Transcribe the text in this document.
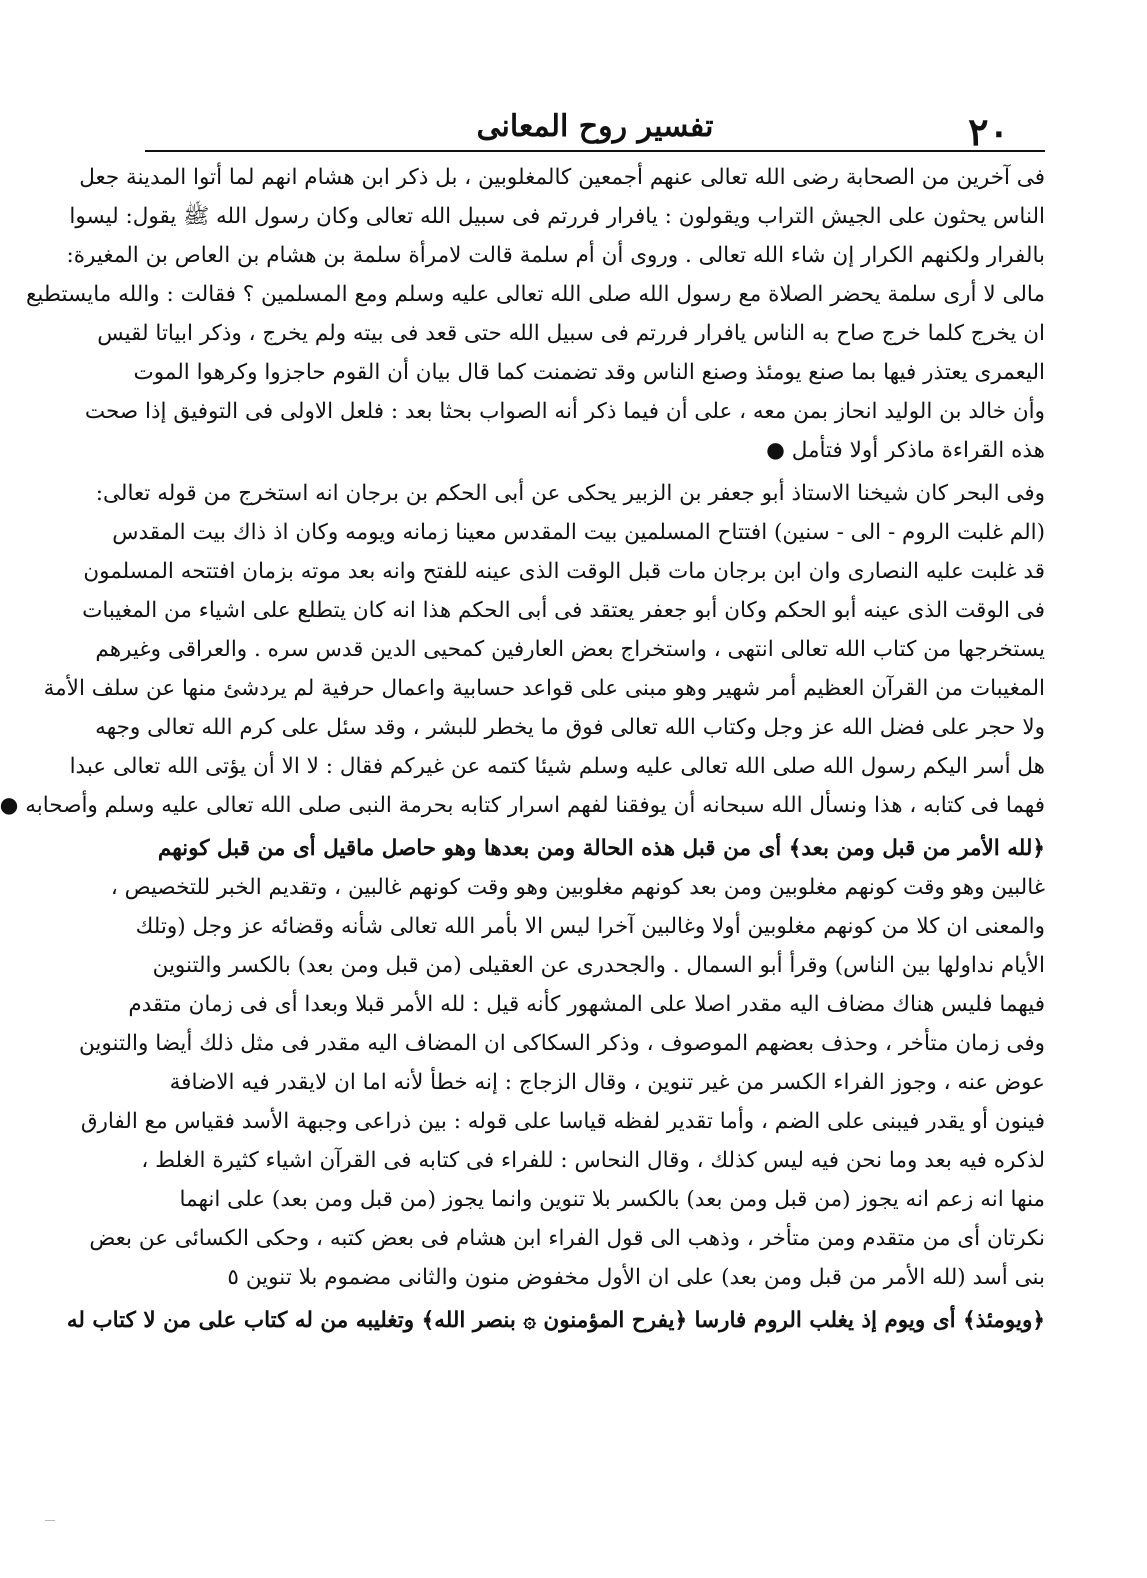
٢٠
تفسير روح المعانى
فى آخرين من الصحابة رضى الله تعالى عنهم أجمعين كالمغلوبين ، بل ذكر ابن هشام انهم لما أتوا المدينة جعل
الناس يحثون على الجيش التراب ويقولون : يافرار فررتم فى سبيل الله تعالى وكان رسول الله ﷺ يقول: ليسوا
بالفرار ولكنهم الكرار إن شاء الله تعالى . وروى أن أم سلمة قالت لامرأة سلمة بن هشام بن العاص بن المغيرة:
مالى لا أرى سلمة يحضر الصلاة مع رسول الله صلى الله تعالى عليه وسلم ومع المسلمين ؟ فقالت : والله مايستطيع
ان يخرج كلما خرج صاح به الناس يافرار فررتم فى سبيل الله حتى قعد فى بيته ولم يخرج ، وذكر ابياتا لقيس
اليعمرى يعتذر فيها بما صنع يومئذ وصنع الناس وقد تضمنت كما قال بيان أن القوم حاجزوا وكرهوا الموت
وأن خالد بن الوليد انحاز بمن معه ، على أن فيما ذكر أنه الصواب بحثا بعد : فلعل الاولى فى التوفيق إذا صحت
هذه القراءة ماذكر أولا فتأمل ●
وفى البحر كان شيخنا الاستاذ أبو جعفر بن الزبير يحكى عن أبى الحكم بن برجان انه استخرج من قوله تعالى:
(الم غلبت الروم - الى - سنين) افتتاح المسلمين بيت المقدس معينا زمانه ويومه وكان اذ ذاك بيت المقدس
قد غلبت عليه النصارى وان ابن برجان مات قبل الوقت الذى عينه للفتح وانه بعد موته بزمان افتتحه المسلمون
فى الوقت الذى عينه أبو الحكم وكان أبو جعفر يعتقد فى أبى الحكم هذا انه كان يتطلع على اشياء من المغيبات
يستخرجها من كتاب الله تعالى انتهى ، واستخراج بعض العارفين كمحيى الدين قدس سره . والعراقى وغيرهم
المغيبات من القرآن العظيم أمر شهير وهو مبنى على قواعد حسابية واعمال حرفية لم يردشئ منها عن سلف الأمة
ولا حجر على فضل الله عز وجل وكتاب الله تعالى فوق ما يخطر للبشر ، وقد سئل على كرم الله تعالى وجهه
هل أسر اليكم رسول الله صلى الله تعالى عليه وسلم شيئا كتمه عن غيركم فقال : لا الا أن يؤتى الله تعالى عبدا
فهما فى كتابه ، هذا ونسأل الله سبحانه أن يوفقنا لفهم اسرار كتابه بحرمة النبى صلى الله تعالى عليه وسلم وأصحابه ●
﴿لله الأمر من قبل ومن بعد﴾ أى من قبل هذه الحالة ومن بعدها وهو حاصل ماقيل أى من قبل كونهم
غالبين وهو وقت كونهم مغلوبين ومن بعد كونهم مغلوبين وهو وقت كونهم غالبين ، وتقديم الخبر للتخصيص ،
والمعنى ان كلا من كونهم مغلوبين أولا وغالبين آخرا ليس الا بأمر الله تعالى شأنه وقضائه عز وجل (وتلك
الأيام نداولها بين الناس) وقرأ أبو السمال . والجحدرى عن العقيلى (من قبل ومن بعد) بالكسر والتنوين
فيهما فليس هناك مضاف اليه مقدر اصلا على المشهور كأنه قيل : لله الأمر قبلا وبعدا أى فى زمان متقدم
وفى زمان متأخر ، وحذف بعضهم الموصوف ، وذكر السكاكى ان المضاف اليه مقدر فى مثل ذلك أيضا والتنوين
عوض عنه ، وجوز الفراء الكسر من غير تنوين ، وقال الزجاج : إنه خطأ لأنه اما ان لايقدر فيه الاضافة
فينون أو يقدر فيبنى على الضم ، وأما تقدير لفظه قياسا على قوله : بين ذراعى وجبهة الأسد فقياس مع الفارق
لذكره فيه بعد وما نحن فيه ليس كذلك ، وقال النحاس : للفراء فى كتابه فى القرآن اشياء كثيرة الغلط ،
منها انه زعم انه يجوز (من قبل ومن بعد) بالكسر بلا تنوين وانما يجوز (من قبل ومن بعد) على انهما
نكرتان أى من متقدم ومن متأخر ، وذهب الى قول الفراء ابن هشام فى بعض كتبه ، وحكى الكسائى عن بعض
بنى أسد (لله الأمر من قبل ومن بعد) على ان الأول مخفوض منون والثانى مضموم بلا تنوين ٥
﴿ويومئذ﴾ أى ويوم إذ يغلب الروم فارسا ﴿يفرح المؤمنون ۞ بنصر الله﴾ وتغليبه من له كتاب على من لا كتاب له
